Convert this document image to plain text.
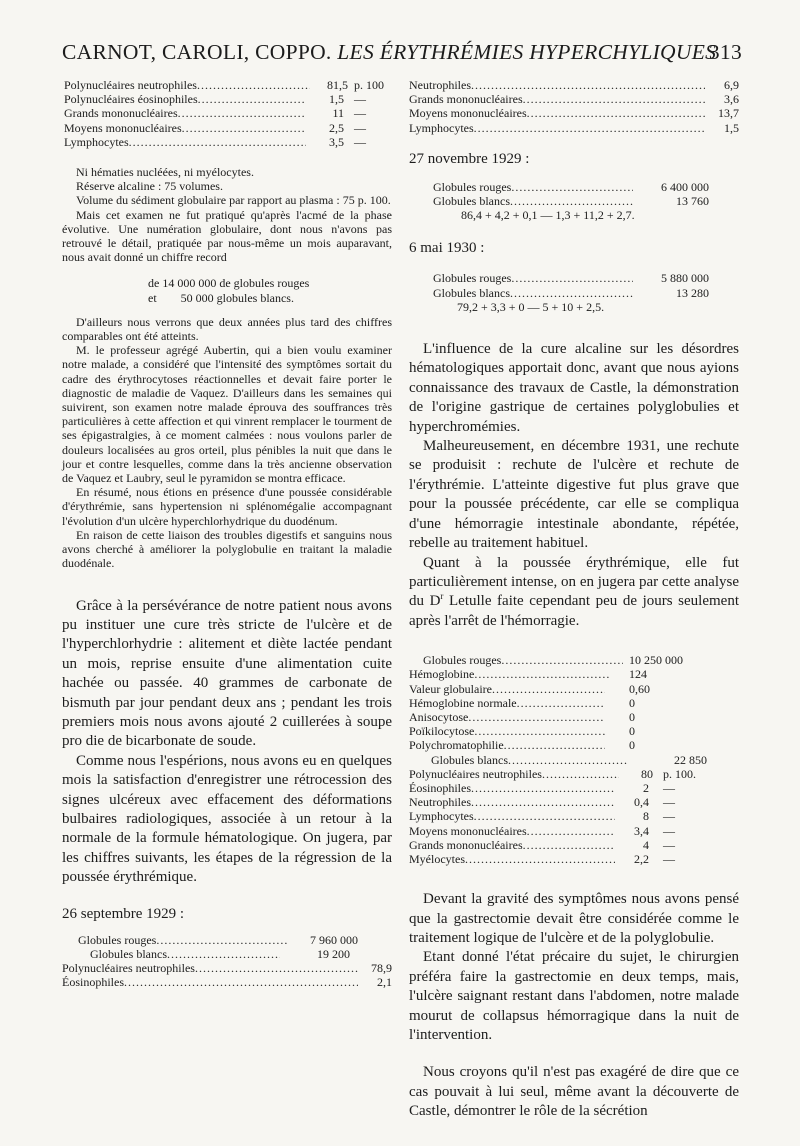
CARNOT, CAROLI, COPPO. LES ÉRYTHRÉMIES HYPERCHYLIQUES
313
Polynucléaires neutrophiles . . .	81,5 p. 100
Polynucléaires éosinophiles . . .	1,5 —
Grands mononucléaires . . .	11 —
Moyens mononucléaires . . .	2,5 —
Lymphocytes . . .	3,5 —

Ni hématies nucléées, ni myélocytes.

Réserve alcaline : 75 volumes.

Volume du sédiment globulaire par rapport au plasma : 75 p. 100.

Mais cet examen ne fut pratiqué qu'après l'acmé de la phase évolutive. Une numération globulaire, dont nous n'avons pas retrouvé le détail, pratiquée par nous-même un mois auparavant, nous avait donné un chiffre record

de 14 000 000 de globules rouges
et        50 000 globules blancs.

D'ailleurs nous verrons que deux années plus tard des chiffres comparables ont été atteints.

M. le professeur agrégé Aubertin, qui a bien voulu examiner notre malade, a considéré que l'intensité des symptômes sortait du cadre des érythrocytoses réactionnelles et devait faire porter le diagnostic de maladie de Vaquez. D'ailleurs dans les semaines qui suivirent, son examen notre malade éprouva des souffrances très particulières à cette affection et qui vinrent remplacer le tourment de ses épigastralgies, à ce moment calmées : nous voulons parler de douleurs localisées au gros orteil, plus pénibles la nuit que dans le jour et contre lesquelles, comme dans la très ancienne observation de Vaquez et Laubry, seul le pyramidon se montra efficace.

En résumé, nous étions en présence d'une poussée considérable d'érythrémie, sans hypertension ni splénomégalie accompagnant l'évolution d'un ulcère hyperchlorhydrique du duodénum.

En raison de cette liaison des troubles digestifs et sanguins nous avons cherché à améliorer la polyglobulie en traitant la maladie duodénale.

Grâce à la persévérance de notre patient nous avons pu instituer une cure très stricte de l'ulcère et de l'hyperchlorhydrie : alitement et diète lactée pendant un mois, reprise ensuite d'une alimentation cuite hachée ou passée. 40 grammes de carbonate de bismuth par jour pendant deux ans ; pendant les trois premiers mois nous avons ajouté 2 cuillerées à soupe pro die de bicarbonate de soude.

Comme nous l'espérions, nous avons eu en quelques mois la satisfaction d'enregistrer une rétrocession des signes ulcéreux avec effacement des déformations bulbaires radiologiques, associée à un retour à la normale de la formule hématologique. On jugera, par les chiffres suivants, les étapes de la régression de la poussée érythrémique.

26 septembre 1929 :

Globules rouges . . .	7 960 000
Globules blancs . . .	19 200
Polynucléaires neutrophiles . . .	78,9
Éosinophiles . . .	2,1
Neutrophiles . . .	6,9
Grands mononucléaires . . .	3,6
Moyens mononucléaires . . .	13,7
Lymphocytes . . .	1,5

27 novembre 1929 :

Globules rouges . . .	6 400 000
Globules blancs . . .	13 760
86,4 + 4,2 + 0,1 — 1,3 + 11,2 + 2,7.

6 mai 1930 :

Globules rouges . . .	5 880 000
Globules blancs . . .	13 280
79,2 + 3,3 + 0 — 5 + 10 + 2,5.

L'influence de la cure alcaline sur les désordres hématologiques apportait donc, avant que nous ayions connaissance des travaux de Castle, la démonstration de l'origine gastrique de certaines polyglobulies et hyperchromémies.

Malheureusement, en décembre 1931, une rechute se produisit : rechute de l'ulcère et rechute de l'érythrémie. L'atteinte digestive fut plus grave que pour la poussée précédente, car elle se compliqua d'une hémorragie intestinale abondante, répétée, rebelle au traitement habituel.

Quant à la poussée érythrémique, elle fut particulièrement intense, on en jugera par cette analyse du $D^r$ Letulle faite cependant peu de jours seulement après l'arrêt de l'hémorragie.

Globules rouges . . .	10 250 000
Hémoglobine . . .	124
Valeur globulaire . . .	0,60
Hémoglobine normale . . .	0
Anisocytose . . .	0
Poïkilocytose . . .	0
Polychromatophilie . . .	0
Globules blancs . . .	22 850
Polynucléaires neutrophiles . . .	80 p. 100.
Éosinophiles . . .	2	—
Neutrophiles . . .	0,4	—
Lymphocytes . . .	8	—
Moyens mononucléaires . . .	3,4	—
Grands mononucléaires . . .	4	—
Myélocytes . . .	2,2	—

Devant la gravité des symptômes nous avons pensé que la gastrectomie devait être considérée comme le traitement logique de l'ulcère et de la polyglobulie.

Etant donné l'état précaire du sujet, le chirurgien préféra faire la gastrectomie en deux temps, mais, l'ulcère saignant restant dans l'abdomen, notre malade mourut de collapsus hémorragique dans la nuit de l'intervention.

Nous croyons qu'il n'est pas exagéré de dire que ce cas pouvait à lui seul, même avant la découverte de Castle, démontrer le rôle de la sécrétion
